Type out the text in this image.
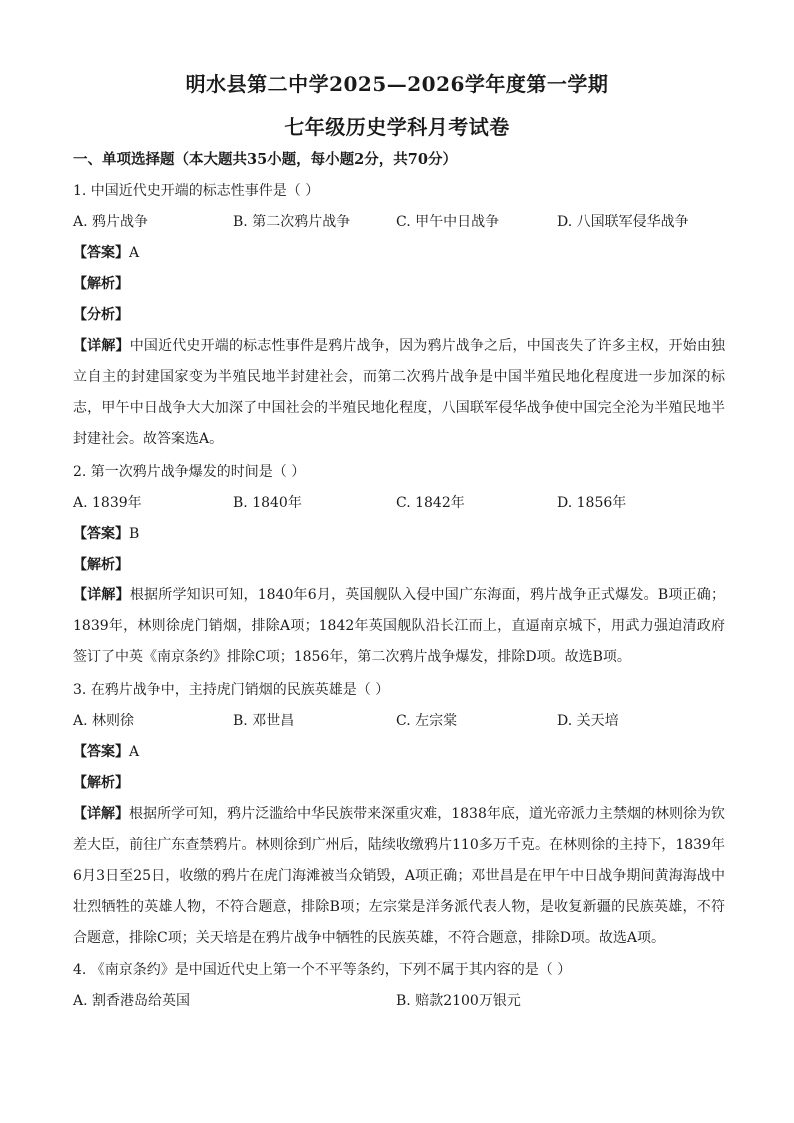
明水县第二中学2025—2026学年度第一学期
七年级历史学科月考试卷
一、单项选择题（本大题共35小题，每小题2分，共70分）
1. 中国近代史开端的标志性事件是（ ）
A. 鸦片战争	B. 第二次鸦片战争	C. 甲午中日战争	D. 八国联军侵华战争
【答案】A
【解析】
【分析】
【详解】中国近代史开端的标志性事件是鸦片战争，因为鸦片战争之后，中国丧失了许多主权，开始由独立自主的封建国家变为半殖民地半封建社会，而第二次鸦片战争是中国半殖民地化程度进一步加深的标志，甲午中日战争大大加深了中国社会的半殖民地化程度，八国联军侵华战争使中国完全沦为半殖民地半封建社会。故答案选A。
2. 第一次鸦片战争爆发的时间是（ ）
A. 1839年	B. 1840年	C. 1842年	D. 1856年
【答案】B
【解析】
【详解】根据所学知识可知，1840年6月，英国舰队入侵中国广东海面，鸦片战争正式爆发。B项正确；1839年，林则徐虎门销烟，排除A项；1842年英国舰队沿长江而上，直逼南京城下，用武力强迫清政府签订了中英《南京条约》排除C项；1856年，第二次鸦片战争爆发，排除D项。故选B项。
3. 在鸦片战争中，主持虎门销烟的民族英雄是（ ）
A. 林则徐	B. 邓世昌	C. 左宗棠	D. 关天培
【答案】A
【解析】
【详解】根据所学可知，鸦片泛滥给中华民族带来深重灾难，1838年底，道光帝派力主禁烟的林则徐为钦差大臣，前往广东查禁鸦片。林则徐到广州后，陆续收缴鸦片110多万千克。在林则徐的主持下，1839年6月3日至25日，收缴的鸦片在虎门海滩被当众销毁，A项正确；邓世昌是在甲午中日战争期间黄海海战中壮烈牺牲的英雄人物，不符合题意，排除B项；左宗棠是洋务派代表人物，是收复新疆的民族英雄，不符合题意，排除C项；关天培是在鸦片战争中牺牲的民族英雄，不符合题意，排除D项。故选A项。
4. 《南京条约》是中国近代史上第一个不平等条约，下列不属于其内容的是（ ）
A. 割香港岛给英国	B. 赔款2100万银元
